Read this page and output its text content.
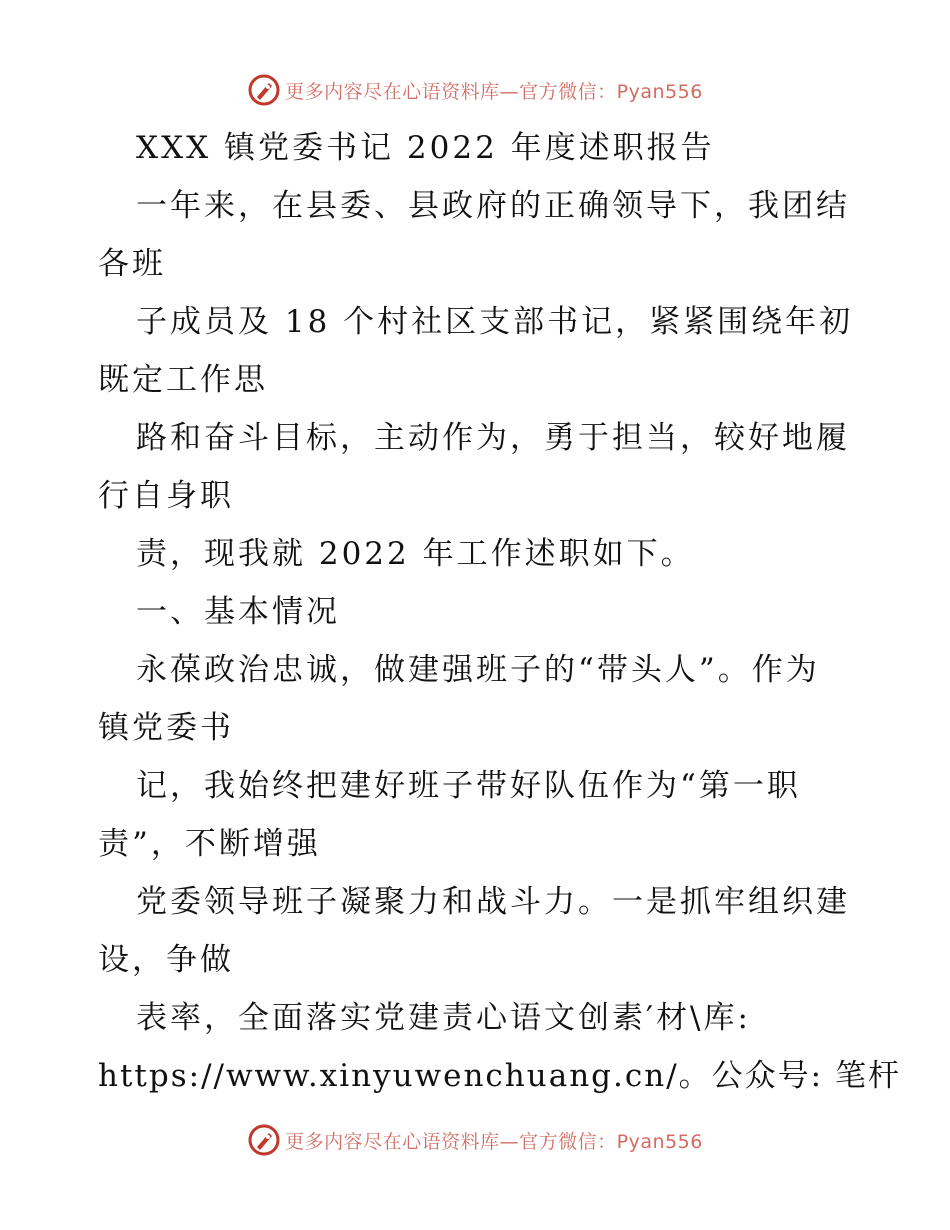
更多内容尽在心语资料库—官方微信：Pyan556
XXX 镇党委书记 2022 年度述职报告
一年来，在县委、县政府的正确领导下，我团结
各班
子成员及 18 个村社区支部书记，紧紧围绕年初
既定工作思
路和奋斗目标，主动作为，勇于担当，较好地履
行自身职
责，现我就 2022 年工作述职如下。
一、基本情况
永葆政治忠诚，做建强班子的“带头人”。作为
镇党委书
记，我始终把建好班子带好队伍作为“第一职
责”，不断增强
党委领导班子凝聚力和战斗力。一是抓牢组织建
设，争做
表率，全面落实党建责心语文创素′材\库:
https://www.xinyuwenchuang.cn/。公众号: 笔杆
更多内容尽在心语资料库—官方微信：Pyan556
